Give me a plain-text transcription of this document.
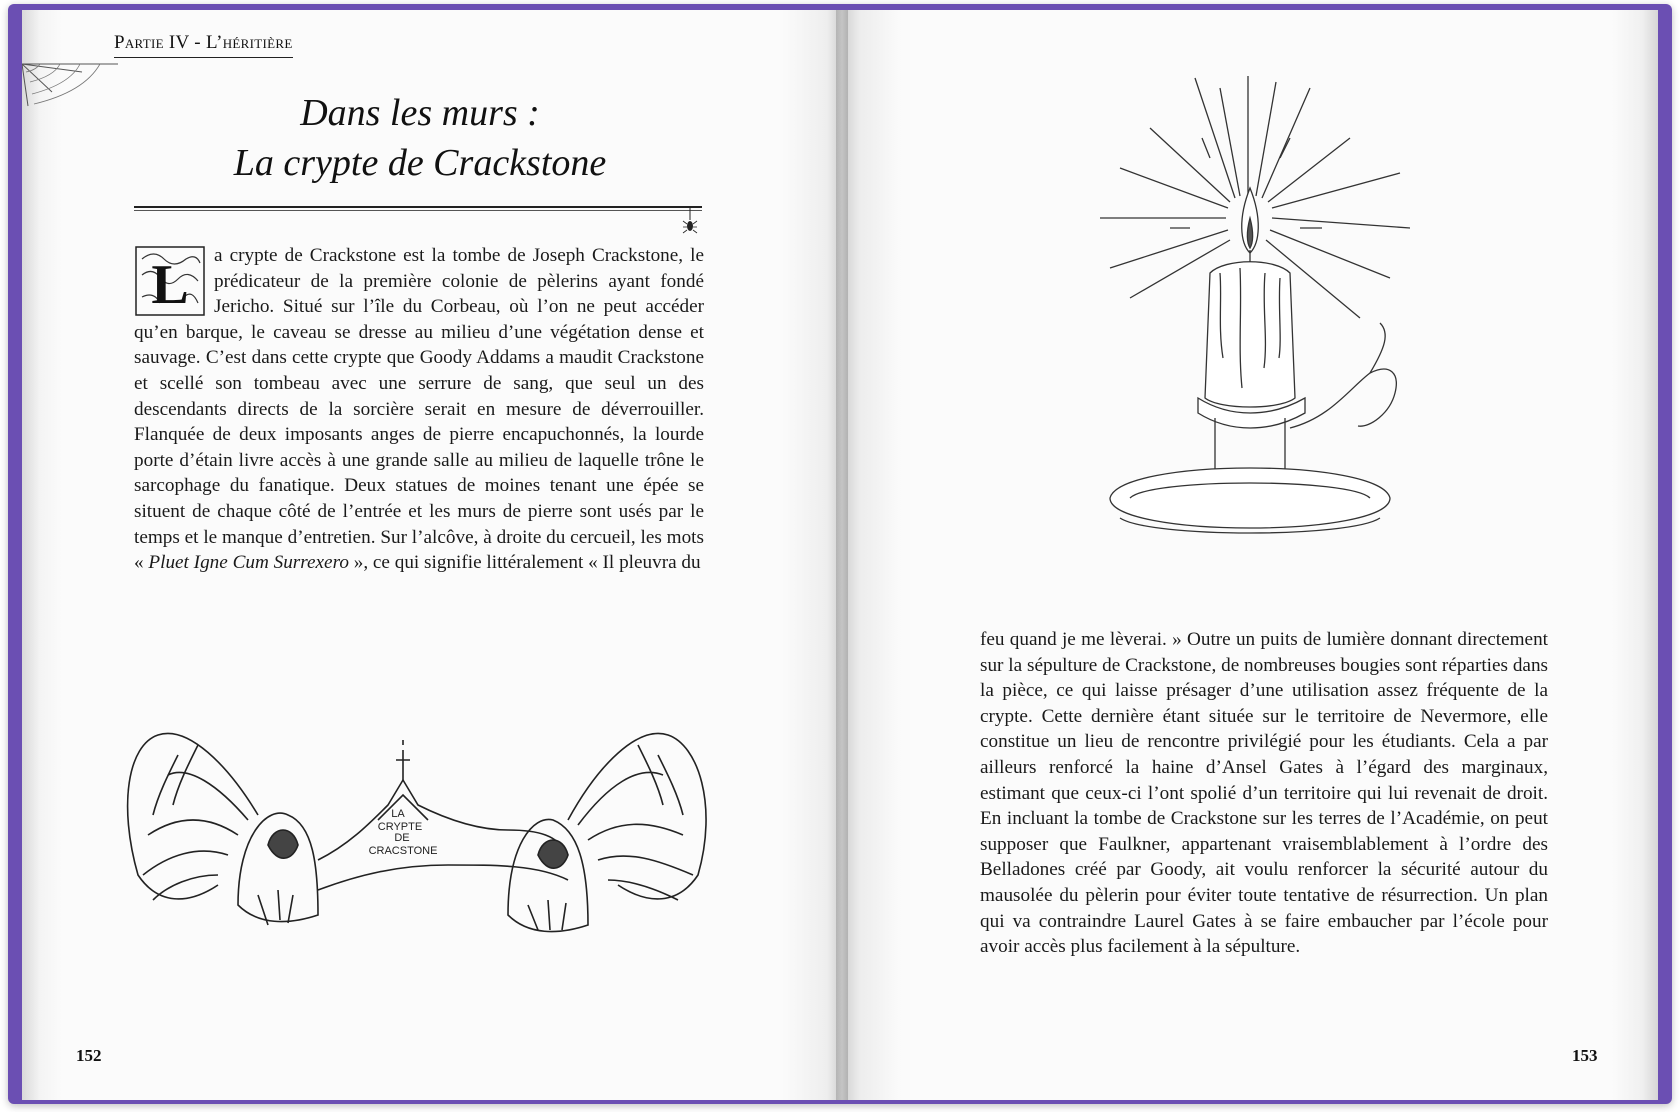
Partie IV - L’héritière
Dans les murs :
La crypte de Crackstone
L	a crypte de Crackstone est la tombe de Joseph Crackstone, le prédicateur de la première colonie de pèlerins ayant fondé Jericho. Situé sur l’île du Corbeau, où l’on ne peut accéder qu’en barque, le caveau se dresse au milieu d’une végétation dense et sauvage. C’est dans cette crypte que Goody Addams a maudit Crackstone et scellé son tombeau avec une serrure de sang, que seul un des descendants directs de la sorcière serait en mesure de déverrouiller. Flanquée de deux imposants anges de pierre encapuchonnés, la lourde porte d’étain livre accès à une grande salle au milieu de laquelle trône le sarcophage du fanatique. Deux statues de moines tenant une épée se situent de chaque côté de l’entrée et les murs de pierre sont usés par le temps et le manque d’entretien. Sur l’alcôve, à droite du cercueil, les mots « Pluet Igne Cum Surrexero », ce qui signifie littéralement « Il pleuvra du

LA
CRYPTE
DE
CRACSTONE
152

feu quand je me lèverai. » Outre un puits de lumière donnant directement sur la sépulture de Crackstone, de nombreuses bougies sont réparties dans la pièce, ce qui laisse présager d’une utilisation assez fréquente de la crypte. Cette dernière étant située sur le territoire de Nevermore, elle constitue un lieu de rencontre privilégié pour les étudiants. Cela a par ailleurs renforcé la haine d’Ansel Gates à l’égard des marginaux, estimant que ceux-ci l’ont spolié d’un territoire qui lui revenait de droit. En incluant la tombe de Crackstone sur les terres de l’Académie, on peut supposer que Faulkner, appartenant vraisemblablement à l’ordre des Belladones créé par Goody, ait voulu renforcer la sécurité autour du mausolée du pèlerin pour éviter toute tentative de résurrection. Un plan qui va contraindre Laurel Gates à se faire embaucher par l’école pour avoir accès plus facilement à la sépulture.

153
